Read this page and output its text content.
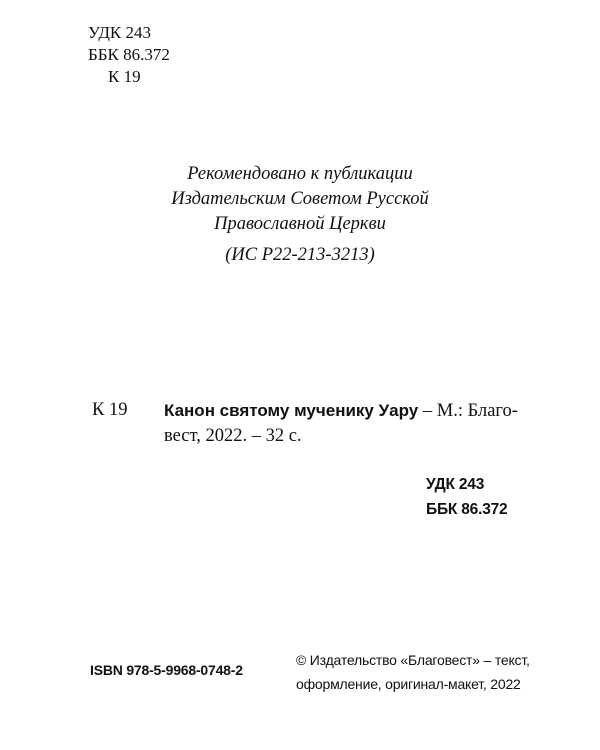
УДК 243
ББК 86.372
К 19
Рекомендовано к публикации
Издательским Советом Русской
Православной Церкви
(ИС Р22-213-3213)
К 19 Канон святому мученику Уару – М.: Благо-
вест, 2022. – 32 с.
УДК 243
ББК 86.372
ISBN 978-5-9968-0748-2
© Издательство «Благовест» – текст,
оформление, оригинал-макет, 2022
